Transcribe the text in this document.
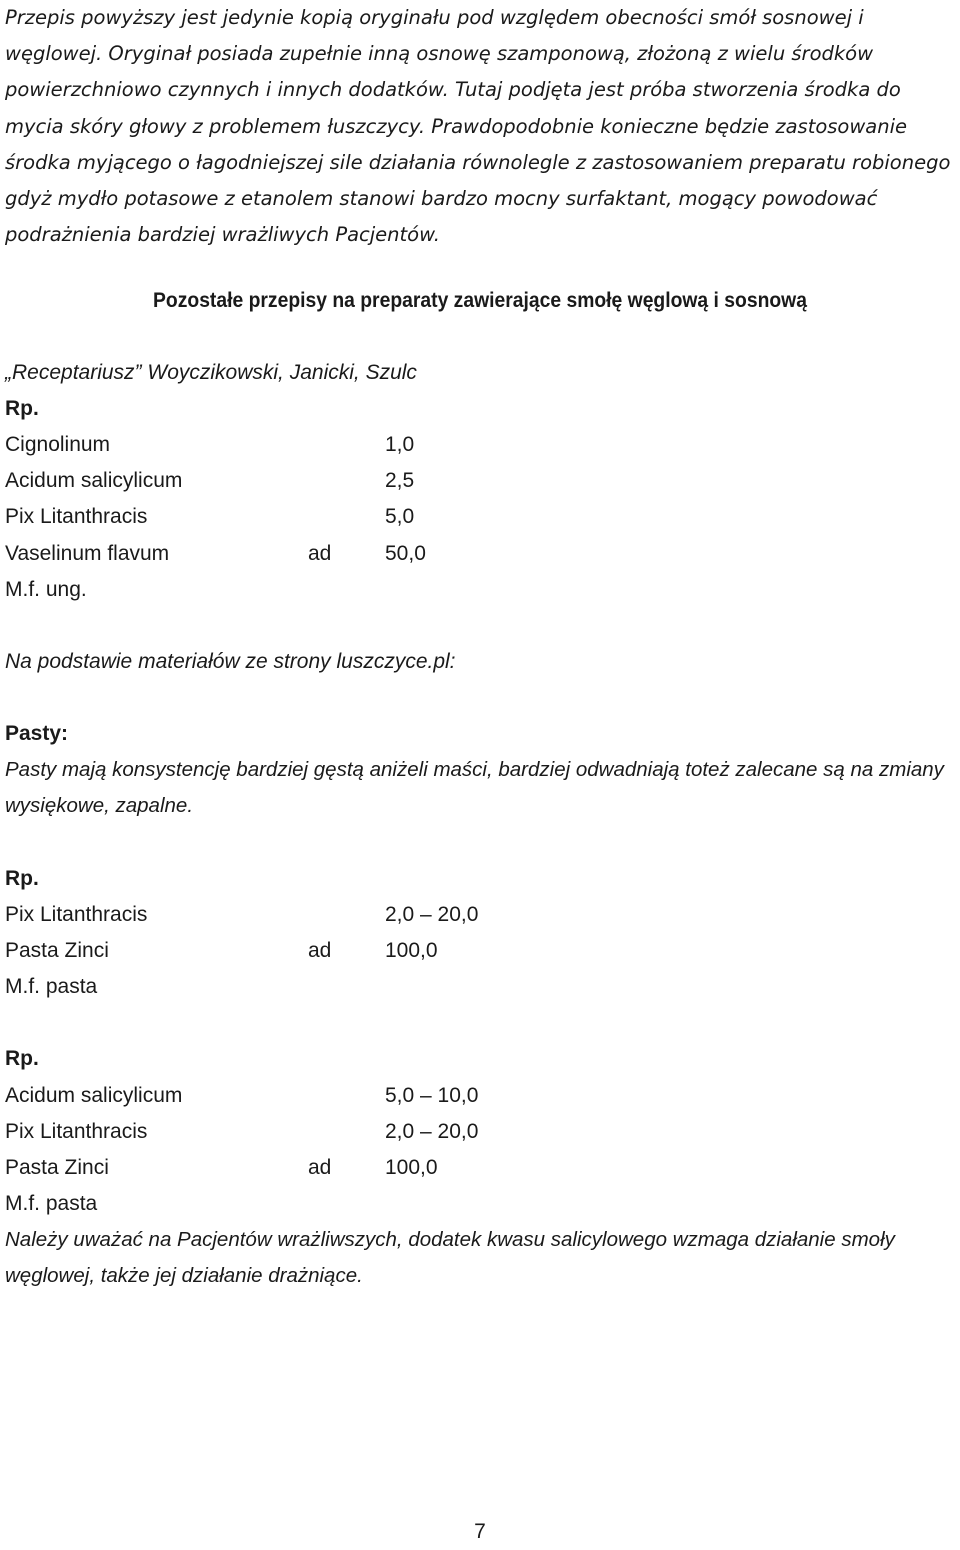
Przepis powyższy jest jedynie kopią oryginału pod względem obecności smół sosnowej i węglowej. Oryginał posiada zupełnie inną osnowę szamponową, złożoną z wielu środków powierzchniowo czynnych i innych dodatków. Tutaj podjęta jest próba stworzenia środka do mycia skóry głowy z problemem łuszczycy. Prawdopodobnie konieczne będzie zastosowanie środka myjącego o łagodniejszej sile działania równolegle z zastosowaniem preparatu robionego gdyż mydło potasowe z etanolem stanowi bardzo mocny surfaktant, mogący powodować podrażnienia bardziej wrażliwych Pacjentów.

Pozostałe przepisy na preparaty zawierające smołę węglową i sosnową

„Receptariusz” Woyczikowski, Janicki, Szulc
Rp.
Cignolinum	1,0
Acidum salicylicum	2,5
Pix Litanthracis	5,0
Vaselinum flavum	ad	50,0
M.f. ung.
Na podstawie materiałów ze strony luszczyce.pl:
Pasty:

Pasty mają konsystencję bardziej gęstą aniżeli maści, bardziej odwadniają toteż zalecane są na zmiany wysiękowe, zapalne.

Rp.
Pix Litanthracis	2,0 – 20,0
Pasta Zinci	ad	100,0
M.f. pasta
Rp.
Acidum salicylicum	5,0 – 10,0
Pix Litanthracis	2,0 – 20,0
Pasta Zinci	ad	100,0
M.f. pasta

Należy uważać na Pacjentów wrażliwszych, dodatek kwasu salicylowego wzmaga działanie smoły węglowej, także jej działanie drażniące.

7
